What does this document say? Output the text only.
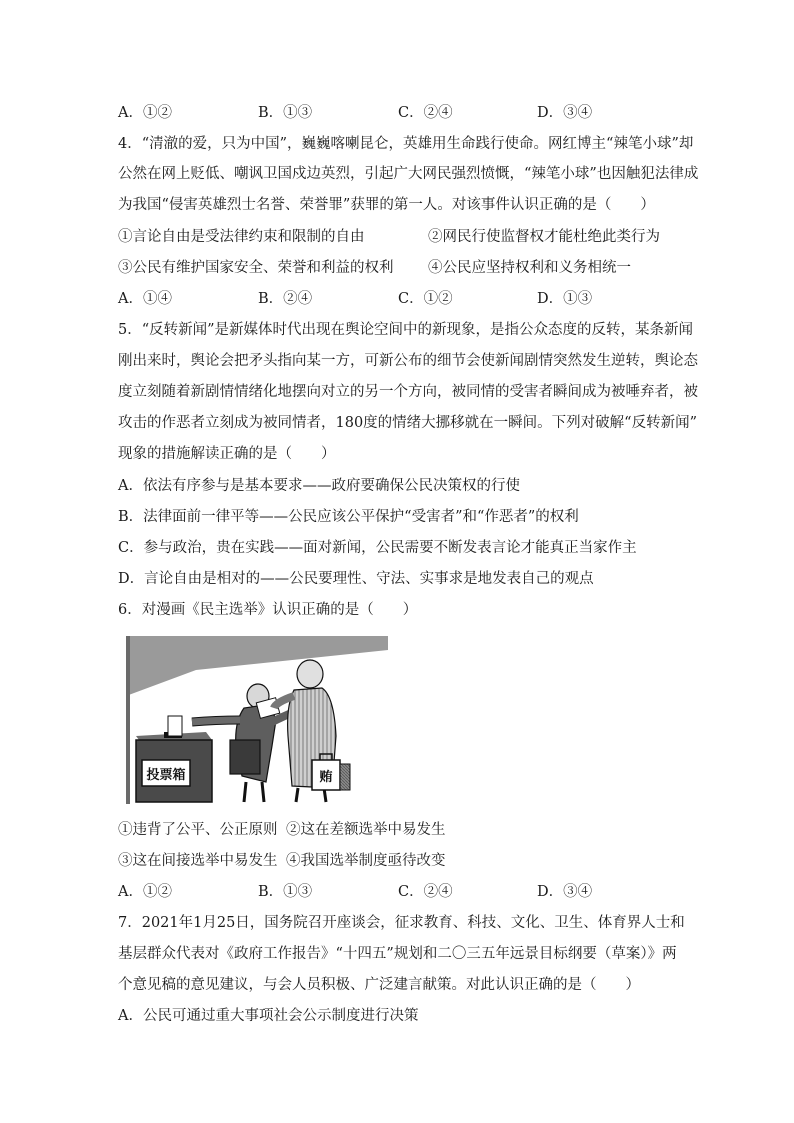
A．①②	B．①③	C．②④	D．③④
4．“清澈的爱，只为中国”，巍巍喀喇昆仑，英雄用生命践行使命。网红博主“辣笔小球”却
公然在网上贬低、嘲讽卫国戍边英烈，引起广大网民强烈愤慨，“辣笔小球”也因触犯法律成
为我国“侵害英雄烈士名誉、荣誉罪”获罪的第一人。对该事件认识正确的是（　　）
①言论自由是受法律约束和限制的自由	②网民行使监督权才能杜绝此类行为
③公民有维护国家安全、荣誉和利益的权利 ④公民应坚持权利和义务相统一
A．①④	B．②④	C．①②	D．①③
5．“反转新闻”是新媒体时代出现在舆论空间中的新现象，是指公众态度的反转，某条新闻
刚出来时，舆论会把矛头指向某一方，可新公布的细节会使新闻剧情突然发生逆转，舆论态
度立刻随着新剧情情绪化地摆向对立的另一个方向，被同情的受害者瞬间成为被唾弃者，被
攻击的作恶者立刻成为被同情者，180度的情绪大挪移就在一瞬间。下列对破解“反转新闻”
现象的措施解读正确的是（　　）
A．依法有序参与是基本要求——政府要确保公民决策权的行使
B．法律面前一律平等——公民应该公平保护“受害者”和“作恶者”的权利
C．参与政治，贵在实践——面对新闻，公民需要不断发表言论才能真正当家作主
D．言论自由是相对的——公民要理性、守法、实事求是地发表自己的观点
6．对漫画《民主选举》认识正确的是（　　）
投票箱	贿
①违背了公平、公正原则 ②这在差额选举中易发生
③这在间接选举中易发生 ④我国选举制度亟待改变
A．①②	B．①③	C．②④	D．③④
7．2021年1月25日，国务院召开座谈会，征求教育、科技、文化、卫生、体育界人士和
基层群众代表对《政府工作报告》“十四五”规划和二〇三五年远景目标纲要（草案）》两
个意见稿的意见建议，与会人员积极、广泛建言献策。对此认识正确的是（　　）
A．公民可通过重大事项社会公示制度进行决策
